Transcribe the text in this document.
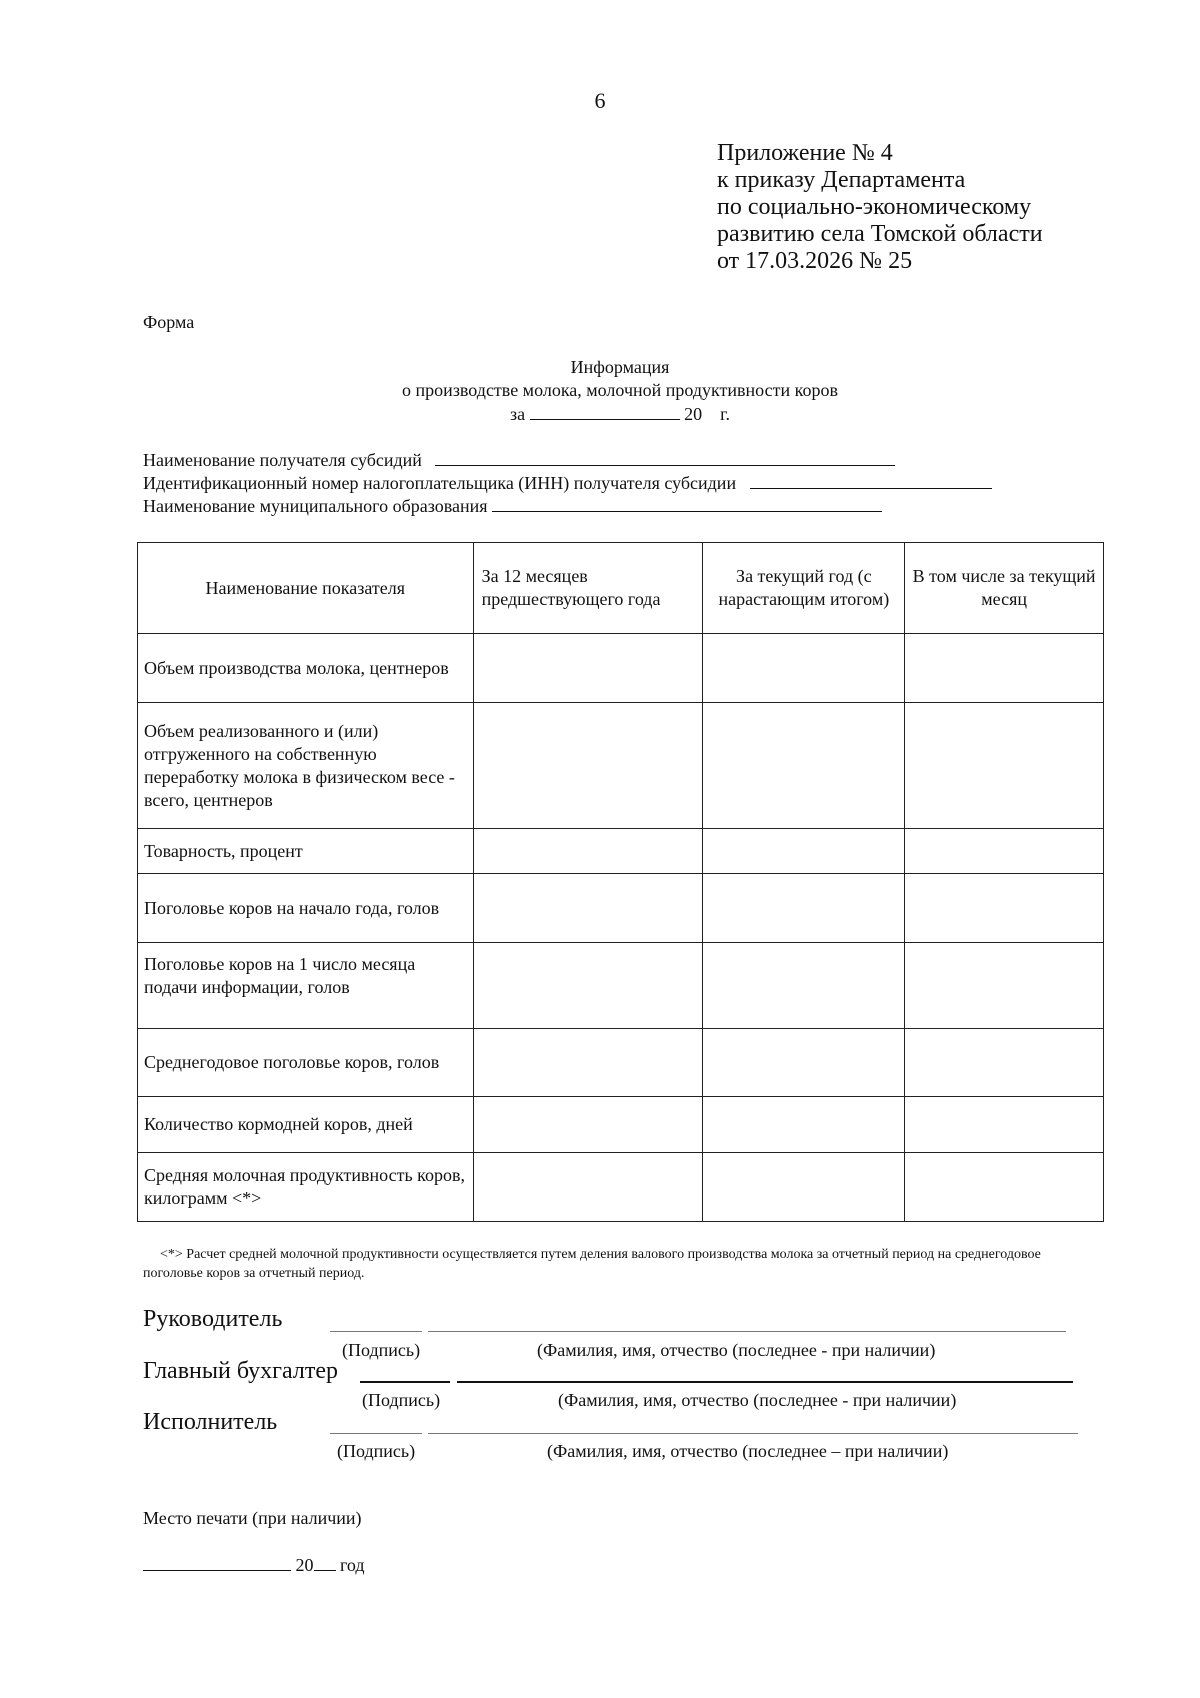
6
Приложение № 4
к приказу Департамента
по социально-экономическому
развитию села Томской области
от 17.03.2026 № 25
Форма
Информация
о производстве молока, молочной продуктивности коров
за	20 г.
Наименование получателя субсидий
Идентификационный номер налогоплательщика (ИНН) получателя субсидии
Наименование муниципального образования
Наименование показателя	За 12 месяцев предшествующего года	За текущий год (с нарастающим итогом)	В том числе за текущий месяц
Объем производства молока, центнеров			
Объем реализованного и (или) отгруженного на собственную переработку молока в физическом весе - всего, центнеров			
Товарность, процент			
Поголовье коров на начало года, голов			
Поголовье коров на 1 число месяца подачи информации, голов			
Среднегодовое поголовье коров, голов			
Количество кормодней коров, дней			
Средняя молочная продуктивность коров, килограмм <*>			

<*> Расчет средней молочной продуктивности осуществляется путем деления валового производства молока за отчетный период на среднегодовое поголовье коров за отчетный период.

Руководитель
(Подпись)	(Фамилия, имя, отчество (последнее - при наличии)
Главный бухгалтер
(Подпись)	(Фамилия, имя, отчество (последнее - при наличии)
Исполнитель
(Подпись)	(Фамилия, имя, отчество (последнее – при наличии)
Место печати (при наличии)
20 год
